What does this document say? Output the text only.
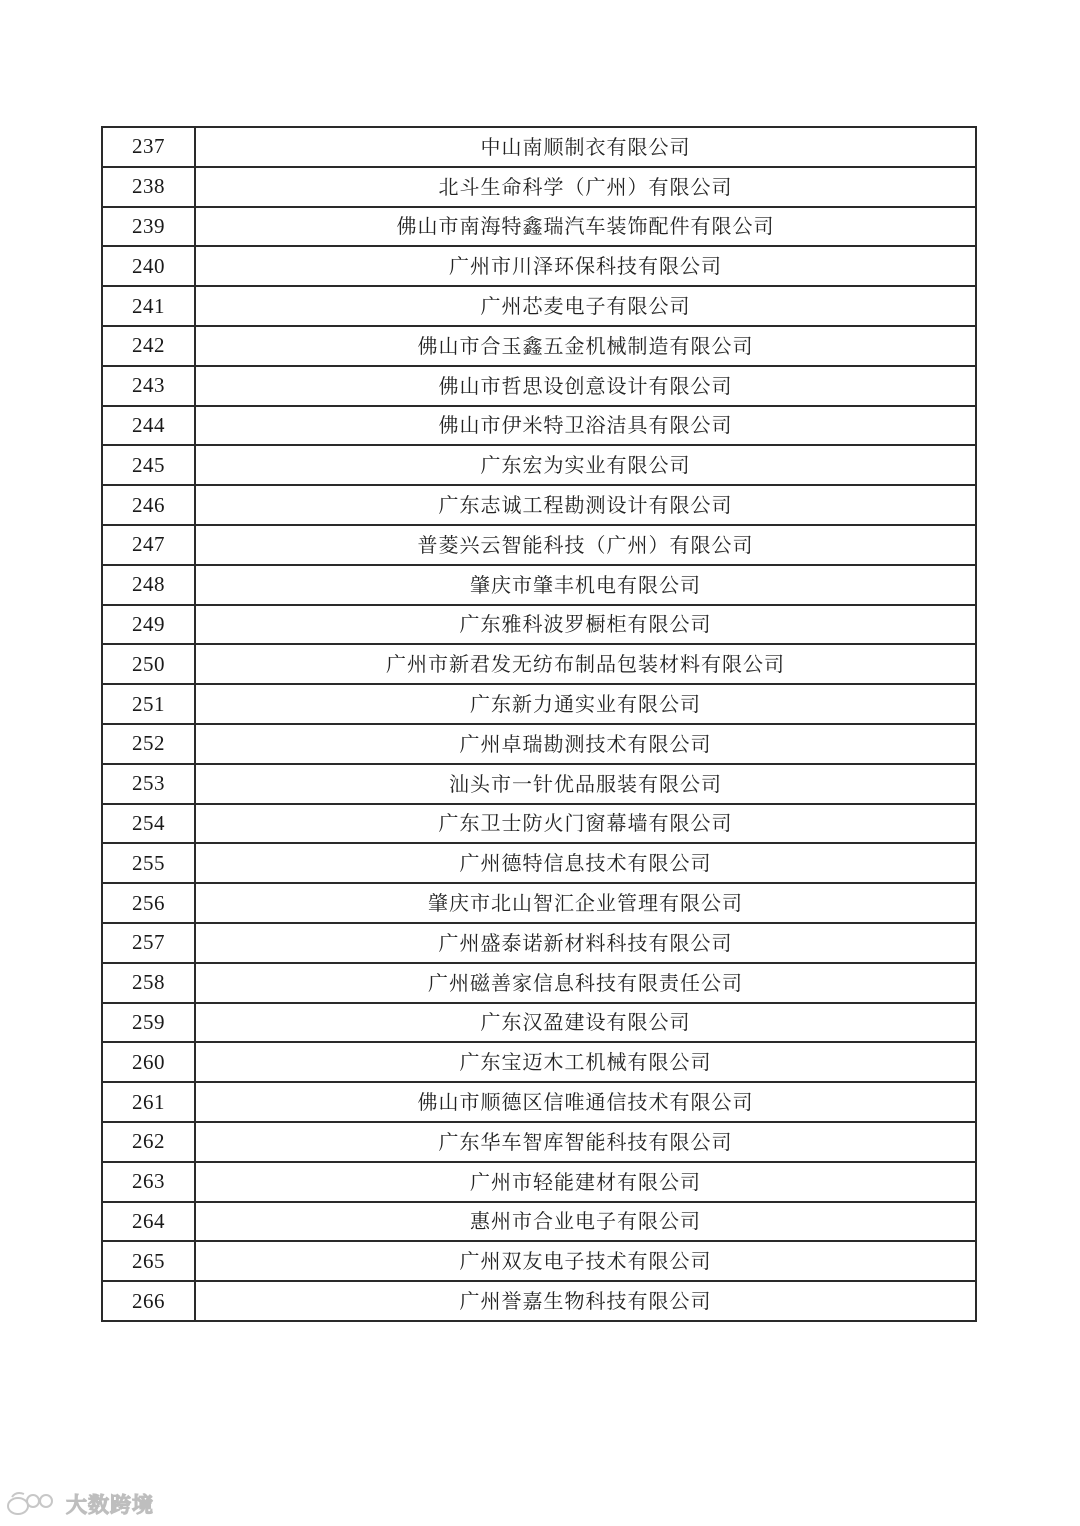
237	中山南顺制衣有限公司
238	北斗生命科学（广州）有限公司
239	佛山市南海特鑫瑞汽车装饰配件有限公司
240	广州市川泽环保科技有限公司
241	广州芯麦电子有限公司
242	佛山市合玉鑫五金机械制造有限公司
243	佛山市哲思设创意设计有限公司
244	佛山市伊米特卫浴洁具有限公司
245	广东宏为实业有限公司
246	广东志诚工程勘测设计有限公司
247	普菱兴云智能科技（广州）有限公司
248	肇庆市肇丰机电有限公司
249	广东雅科波罗橱柜有限公司
250	广州市新君发无纺布制品包装材料有限公司
251	广东新力通实业有限公司
252	广州卓瑞勘测技术有限公司
253	汕头市一针优品服装有限公司
254	广东卫士防火门窗幕墙有限公司
255	广州德特信息技术有限公司
256	肇庆市北山智汇企业管理有限公司
257	广州盛泰诺新材料科技有限公司
258	广州磁善家信息科技有限责任公司
259	广东汉盈建设有限公司
260	广东宝迈木工机械有限公司
261	佛山市顺德区信唯通信技术有限公司
262	广东华车智库智能科技有限公司
263	广州市轻能建材有限公司
264	惠州市合业电子有限公司
265	广州双友电子技术有限公司
266	广州誉嘉生物科技有限公司
大数跨境
